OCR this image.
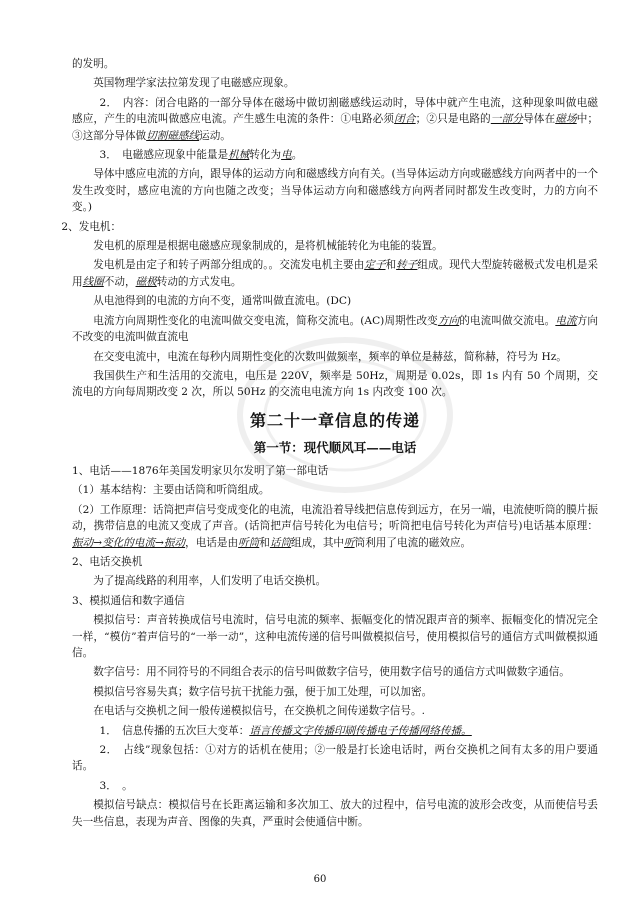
的发明。

英国物理学家法拉第发现了电磁感应现象。

2．　内容：闭合电路的一部分导体在磁场中做切割磁感线运动时，导体中就产生电流，这种现象叫做电磁感应，产生的电流叫做感应电流。产生感生电流的条件：①电路必须闭合；②只是电路的一部分导体在磁场中；③这部分导体做切割磁感线运动。

3．　电磁感应现象中能量是机械转化为电。

导体中感应电流的方向，跟导体的运动方向和磁感线方向有关。(当导体运动方向或磁感线方向两者中的一个发生改变时，感应电流的方向也随之改变；当导体运动方向和磁感线方向两者同时都发生改变时，力的方向不变。)

2、发电机：

发电机的原理是根据电磁感应现象制成的，是将机械能转化为电能的装置。

发电机是由定子和转子两部分组成的。。交流发电机主要由定子和转子组成。现代大型旋转磁极式发电机是采用线圈不动，磁极转动的方式发电。

从电池得到的电流的方向不变，通常叫做直流电。(DC)

电流方向周期性变化的电流叫做交变电流，简称交流电。(AC)周期性改变方向的电流叫做交流电。电流方向不改变的电流叫做直流电

在交变电流中，电流在每秒内周期性变化的次数叫做频率，频率的单位是赫兹，简称赫，符号为 Hz。

我国供生产和生活用的交流电，电压是 220V，频率是 50Hz，周期是 0.02s，即 1s 内有 50 个周期，交流电的方向每周期改变 2 次，所以 50Hz 的交流电电流方向 1s 内改变 100 次。

第二十一章信息的传递
第一节：现代顺风耳——电话

1、电话——1876年美国发明家贝尔发明了第一部电话

（1）基本结构：主要由话筒和听筒组成。

（2）工作原理：话筒把声信号变成变化的电流，电流沿着导线把信息传到远方，在另一端，电流使听筒的膜片振动，携带信息的电流又变成了声音。(话筒把声信号转化为电信号；听筒把电信号转化为声信号)电话基本原理：振动→变化的电流→振动，电话是由听筒和话筒组成，其中听筒利用了电流的磁效应。

2、电话交换机

为了提高线路的利用率，人们发明了电话交换机。

3、模拟通信和数字通信

模拟信号：声音转换成信号电流时，信号电流的频率、振幅变化的情况跟声音的频率、振幅变化的情况完全一样，“模仿”着声信号的“一举一动”，这种电流传递的信号叫做模拟信号，使用模拟信号的通信方式叫做模拟通信。

数字信号：用不同符号的不同组合表示的信号叫做数字信号，使用数字信号的通信方式叫做数字通信。

模拟信号容易失真；数字信号抗干扰能力强，便于加工处理，可以加密。

在电话与交换机之间一般传递模拟信号，在交换机之间传递数字信号。.

1．　信息传播的五次巨大变革：语言传播文字传播印刷传播电子传播网络传播。

2．　占线”现象包括：①对方的话机在使用；②一般是打长途电话时，两台交换机之间有太多的用户要通话。

3．　。

模拟信号缺点：模拟信号在长距离运输和多次加工、放大的过程中，信号电流的波形会改变，从而使信号丢失一些信息，表现为声音、图像的失真，严重时会使通信中断。

60
